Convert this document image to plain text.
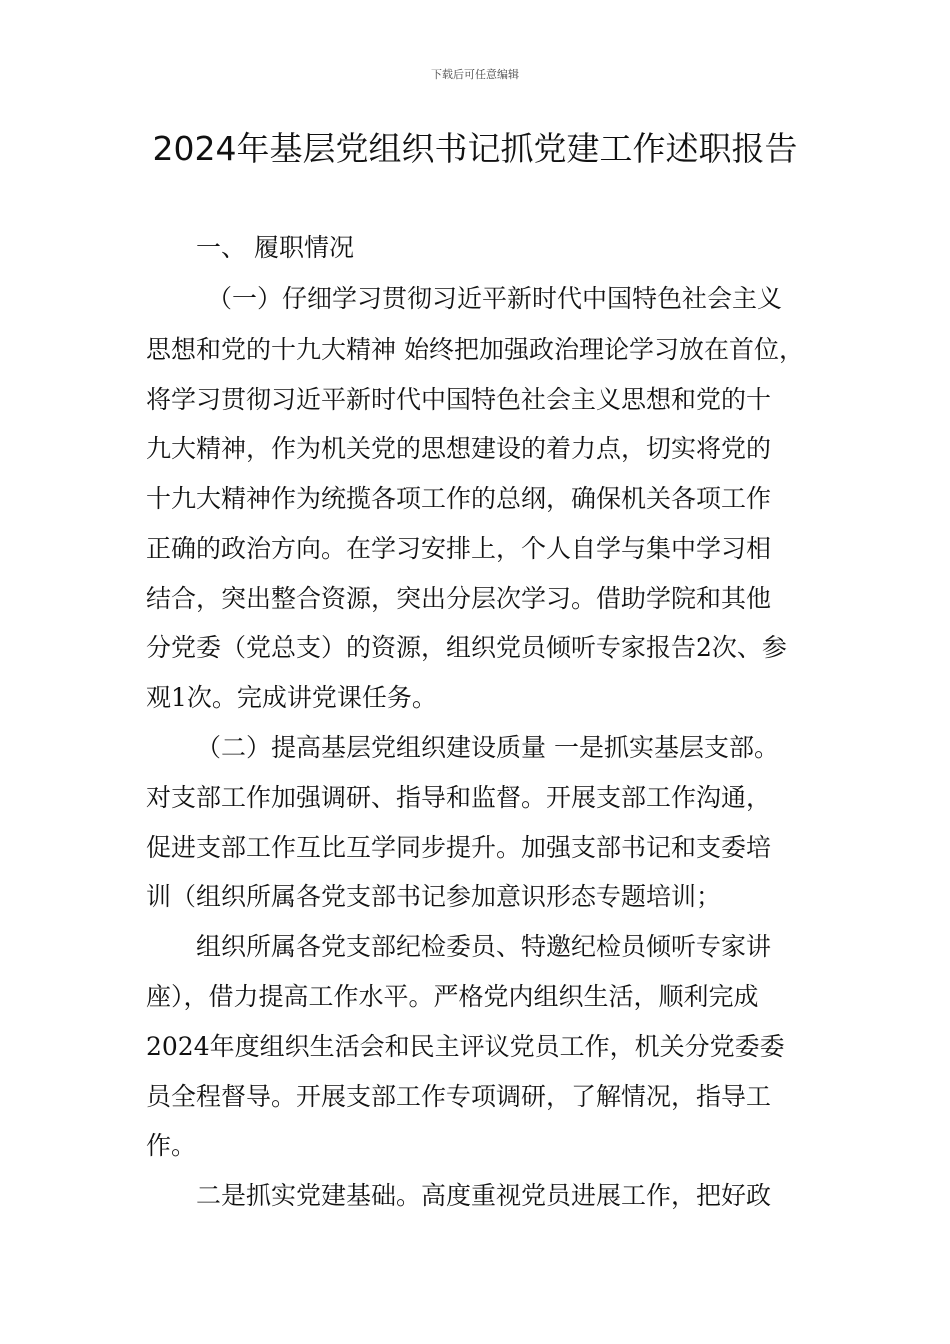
下载后可任意编辑
2024年基层党组织书记抓党建工作述职报告

一、 履职情况

（一）仔细学习贯彻习近平新时代中国特色社会主义

思想和党的十九大精神 始终把加强政治理论学习放在首位，

将学习贯彻习近平新时代中国特色社会主义思想和党的十

九大精神，作为机关党的思想建设的着力点，切实将党的

十九大精神作为统揽各项工作的总纲，确保机关各项工作

正确的政治方向。在学习安排上，个人自学与集中学习相

结合，突出整合资源，突出分层次学习。借助学院和其他

分党委（党总支）的资源，组织党员倾听专家报告2次、参

观1次。完成讲党课任务。

（二）提高基层党组织建设质量 一是抓实基层支部。

对支部工作加强调研、指导和监督。开展支部工作沟通，

促进支部工作互比互学同步提升。加强支部书记和支委培

训（组织所属各党支部书记参加意识形态专题培训；

组织所属各党支部纪检委员、特邀纪检员倾听专家讲

座），借力提高工作水平。严格党内组织生活，顺利完成

2024年度组织生活会和民主评议党员工作，机关分党委委

员全程督导。开展支部工作专项调研，了解情况，指导工

作。

二是抓实党建基础。高度重视党员进展工作，把好政
